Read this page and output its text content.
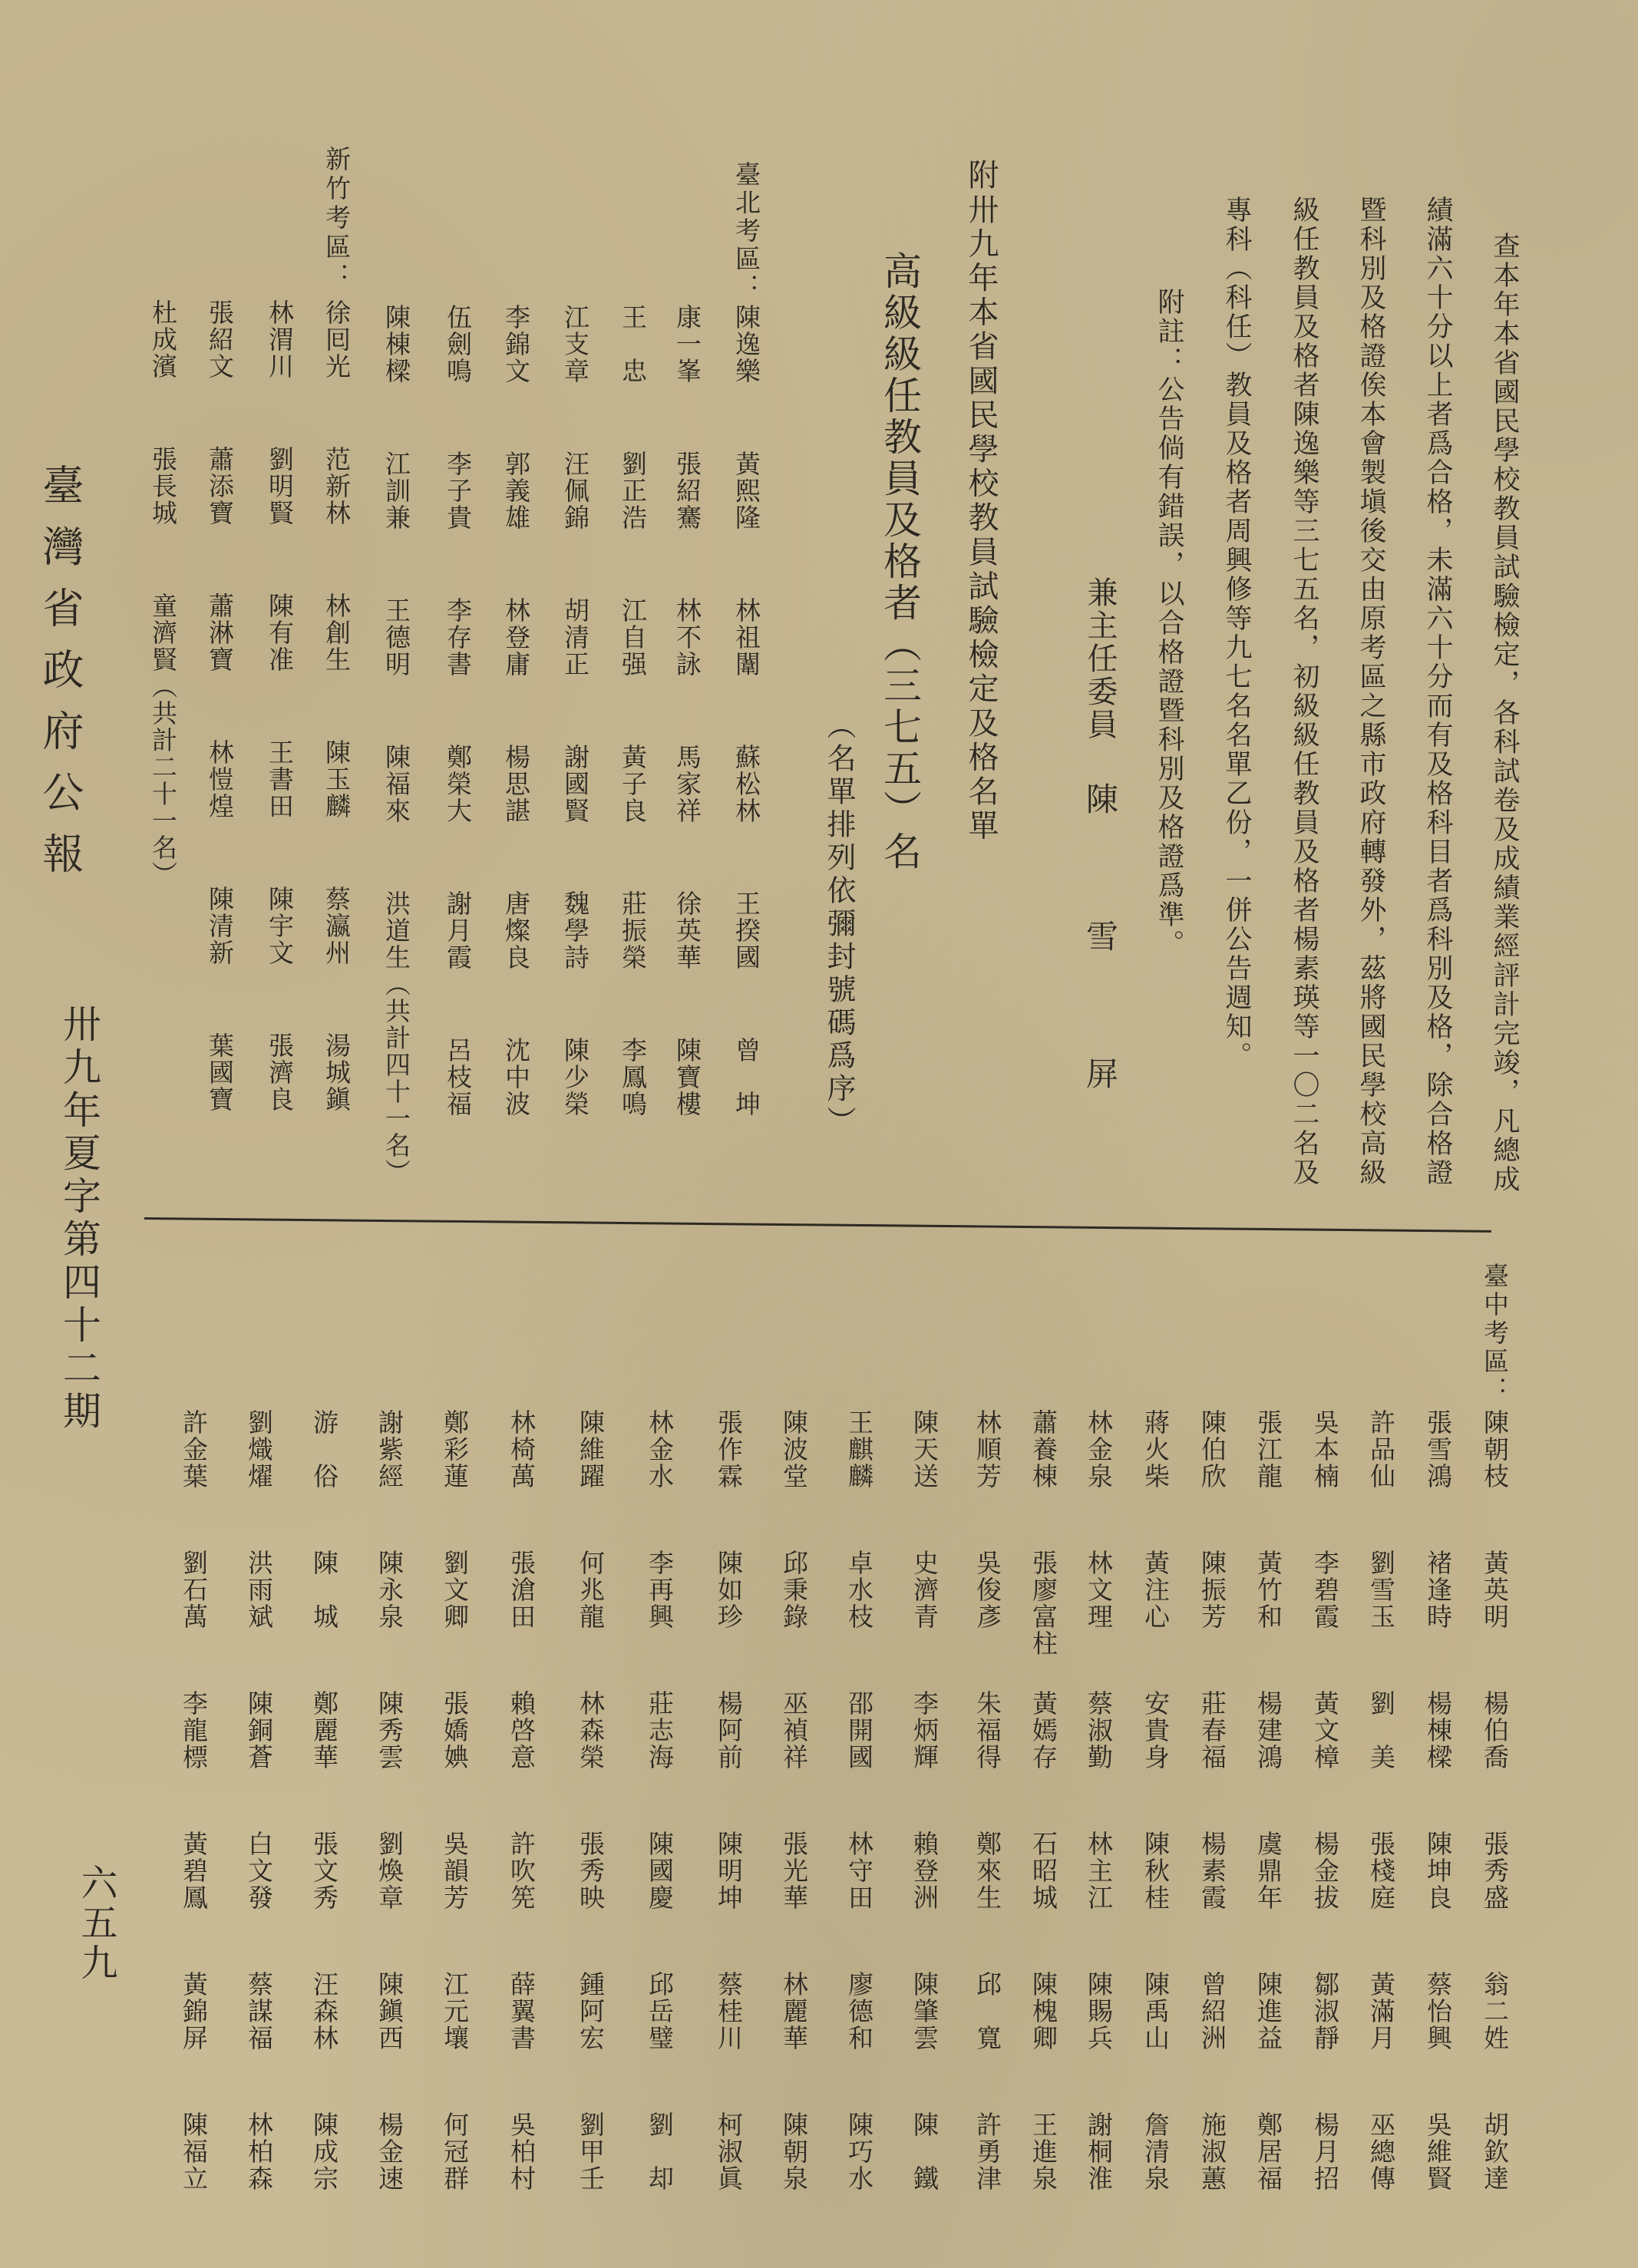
臺灣省政府公報
卅九年夏字第四十二期
六五九
查本年本省國民學校教員試驗檢定，各科試卷及成績業經評計完竣，凡總成
績滿六十分以上者爲合格，未滿六十分而有及格科目者爲科別及格，除合格證
暨科別及格證俟本會製塡後交由原考區之縣市政府轉發外，茲將國民學校高級
級任教員及格者陳逸樂等三七五名，初級級任教員及格者楊素瑛等一〇二名及
專科（科任）教員及格者周興修等九七名名單乙份，一併公告週知。
附註：公告倘有錯誤，以合格證暨科別及格證爲準。
兼主任委員
陳雪屏
附卅九年本省國民學校教員試驗檢定及格名單
高級級任教員及格者（三七五）名
（名單排列依彌封號碼爲序）
臺北考區：
陳逸樂
黃熙隆
林祖闈
蘇松林
王揆國
曾　坤
康一峯
張紹騫
林不詠
馬家祥
徐英華
陳寶樓
王　忠
劉正浩
江自强
黃子良
莊振榮
李鳳鳴
江支章
汪佩錦
胡清正
謝國賢
魏學詩
陳少榮
李錦文
郭義雄
林登庸
楊思諶
唐燦良
沈中波
伍劍鳴
李子貴
李存書
鄭榮大
謝月霞
呂枝福
陳棟樑
江訓兼
王德明
陳福來
洪道生（共計四十一名）
新竹考區：
徐囘光
范新林
林創生
陳玉麟
蔡瀛州
湯城鎭
林渭川
劉明賢
陳有准
王書田
陳宇文
張濟良
張紹文
蕭添寶
蕭淋寶
林愷煌
陳清新
葉國寶
杜成濱
張長城
童濟賢（共計二十一名）
臺中考區：
陳朝枝
黃英明
楊伯喬
張秀盛
翁二姓
胡欽達
張雪鴻
褚逢時
楊棟樑
陳坤良
蔡怡興
吳維賢
許品仙
劉雪玉
劉　美
張棧庭
黃滿月
巫總傳
吳本楠
李碧霞
黃文樟
楊金拔
鄒淑靜
楊月招
張江龍
黃竹和
楊建鴻
虞鼎年
陳進益
鄭居福
陳伯欣
陳振芳
莊春福
楊素霞
曾紹洲
施淑蕙
蔣火柴
黃注心
安貴身
陳秋桂
陳禹山
詹清泉
林金泉
林文理
蔡淑勤
林主江
陳賜兵
謝桐淮
蕭養棟
張廖富柱
黃嫣存
石昭城
陳槐卿
王進泉
林順芳
吳俊彥
朱福得
鄭來生
邱　寬
許勇津
陳天送
史濟青
李炳輝
賴登洲
陳肇雲
陳　鐵
王麒麟
卓水枝
邵開國
林守田
廖德和
陳巧水
陳波堂
邱秉錄
巫禎祥
張光華
林麗華
陳朝泉
張作霖
陳如珍
楊阿前
陳明坤
蔡桂川
柯淑眞
林金水
李再興
莊志海
陳國慶
邱岳璧
劉　却
陳維躍
何兆龍
林森榮
張秀映
鍾阿宏
劉甲壬
林椅萬
張滄田
賴啓意
許吹筅
薛翼書
吳柏村
鄭彩蓮
劉文卿
張嬌婰
吳韻芳
江元壤
何冠群
謝紫經
陳永泉
陳秀雲
劉煥章
陳鎭西
楊金速
游　俗
陳　城
鄭麗華
張文秀
汪森林
陳成宗
劉熾燿
洪雨斌
陳銅蒼
白文發
蔡謀福
林柏森
許金葉
劉石萬
李龍標
黃碧鳳
黃錦屏
陳福立
